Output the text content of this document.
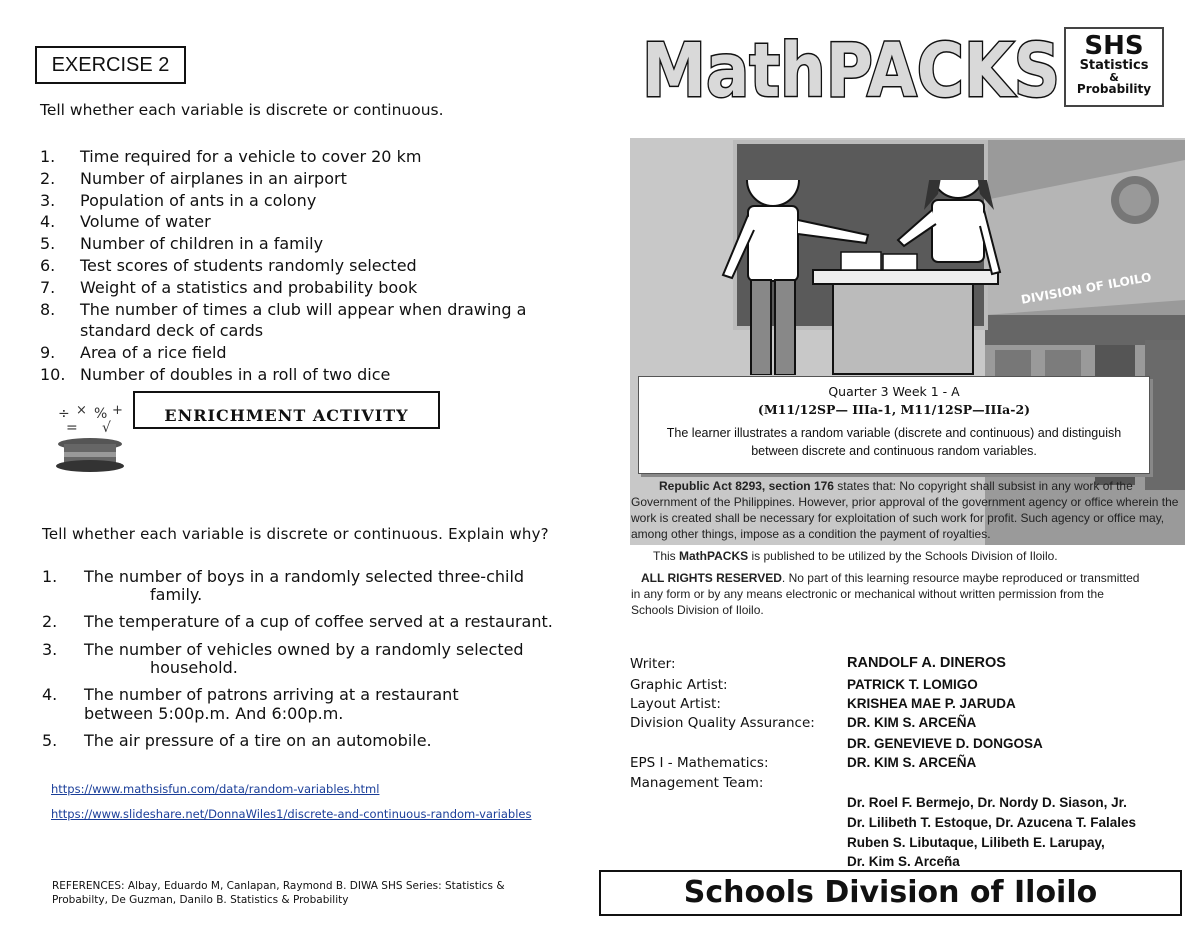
EXERCISE 2
Tell whether each variable is discrete or continuous.
1.	Time required for a vehicle to cover 20 km
2.	Number of airplanes in an airport
3.	Population of ants in a colony
4.	Volume of water
5.	Number of children in a family
6.	Test scores of students randomly selected
7.	Weight of a statistics and probability book
8.	The number of times a club will appear when drawing a standard deck of cards
9.	Area of a rice field
10. Number of doubles in a roll of two dice
÷ × % +
= √
ENRICHMENT ACTIVITY
Tell whether each variable is discrete or continuous. Explain why?
1.	The number of boys in a randomly selected three-child
family.
2.	The temperature of a cup of coffee served at a restaurant.
3.	The number of vehicles owned by a randomly selected
household.
4.	The number of patrons arriving at a restaurant
between 5:00p.m. And 6:00p.m.
5.	The air pressure of a tire on an automobile.
https://www.mathsisfun.com/data/random-variables.html
https://www.slideshare.net/DonnaWiles1/discrete-and-continuous-random-variables
REFERENCES: Albay, Eduardo M, Canlapan, Raymond B. DIWA SHS Series: Statistics & Probabilty, De Guzman, Danilo B. Statistics & Probability
DIVISION OF ILOILO
MathPACKS SHS
Statistics
&
Probability
Quarter 3 Week 1 - A
(M11/12SP— IIIa-1, M11/12SP—IIIa-2)
The learner illustrates a random variable (discrete and continuous) and distinguish between discrete and continuous random variables.
Republic Act 8293, section 176 states that: No copyright shall subsist in any work of the Government of the Philippines. However, prior approval of the government agency or office wherein the work is created shall be necessary for exploitation of such work for profit. Such agency or office may, among other things, impose as a condition the payment of royalties.
This MathPACKS is published to be utilized by the Schools Division of Iloilo.
ALL RIGHTS RESERVED. No part of this learning resource maybe reproduced or transmitted in any form or by any means electronic or mechanical without written permission from the Schools Division of Iloilo.
Writer:	RANDOLF A. DINEROS
Graphic Artist:	PATRICK T. LOMIGO
Layout Artist:	KRISHEA MAE P. JARUDA
Division Quality Assurance: DR. KIM S. ARCEÑA
DR. GENEVIEVE D. DONGOSA
EPS I - Mathematics:	DR. KIM S. ARCEÑA
Management Team:
Dr. Roel F. Bermejo, Dr. Nordy D. Siason, Jr.
Dr. Lilibeth T. Estoque, Dr. Azucena T. Falales
Ruben S. Libutaque, Lilibeth E. Larupay,
Dr. Kim S. Arceña
Schools Division of Iloilo
